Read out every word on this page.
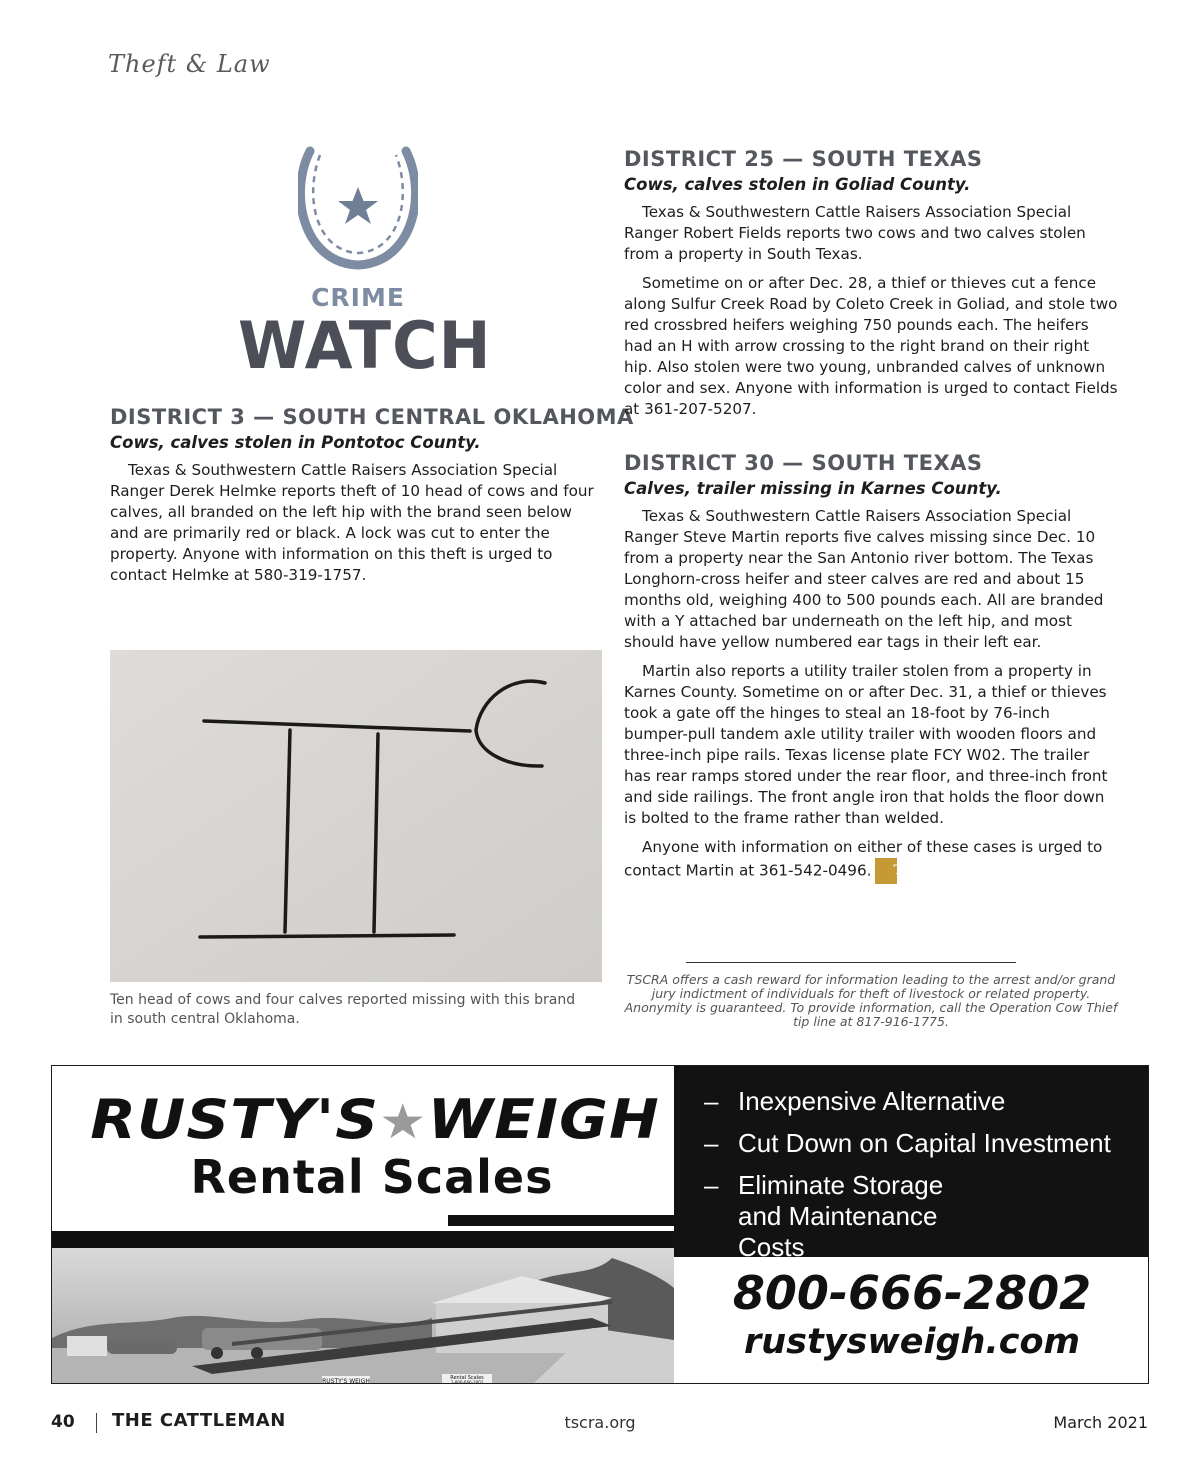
Theft & Law
CRIME
WATCH
DISTRICT 3 — SOUTH CENTRAL OKLAHOMA
Cows, calves stolen in Pontotoc County.

Texas & Southwestern Cattle Raisers Association Special Ranger Derek Helmke reports theft of 10 head of cows and four calves, all branded on the left hip with the brand seen below and are primarily red or black. A lock was cut to enter the property. Anyone with information on this theft is urged to contact Helmke at 580-319-1757.

Ten head of cows and four calves reported missing with this brand in south central Oklahoma.
DISTRICT 25 — SOUTH TEXAS
Cows, calves stolen in Goliad County.

Texas & Southwestern Cattle Raisers Association Special Ranger Robert Fields reports two cows and two calves stolen from a property in South Texas.

Sometime on or after Dec. 28, a thief or thieves cut a fence along Sulfur Creek Road by Coleto Creek in Goliad, and stole two red crossbred heifers weighing 750 pounds each. The heifers had an H with arrow crossing to the right brand on their right hip. Also stolen were two young, unbranded calves of unknown color and sex. Anyone with information is urged to contact Fields at 361-207-5207.

DISTRICT 30 — SOUTH TEXAS
Calves, trailer missing in Karnes County.

Texas & Southwestern Cattle Raisers Association Special Ranger Steve Martin reports five calves missing since Dec. 10 from a property near the San Antonio river bottom. The Texas Longhorn-cross heifer and steer calves are red and about 15 months old, weighing 400 to 500 pounds each. All are branded with a Y attached bar underneath on the left hip, and most should have yellow numbered ear tags in their left ear.

Martin also reports a utility trailer stolen from a property in Karnes County. Sometime on or after Dec. 31, a thief or thieves took a gate off the hinges to steal an 18-foot by 76-inch bumper-pull tandem axle utility trailer with wooden floors and three-inch pipe rails. Texas license plate FCY W02. The trailer has rear ramps stored under the rear floor, and three-inch front and side railings. The front angle iron that holds the floor down is bolted to the frame rather than welded.

Anyone with information on either of these cases is urged to contact Martin at 361-542-0496. TC

TSCRA offers a cash reward for information leading to the arrest and/or grand jury indictment of individuals for theft of livestock or related property. Anonymity is guaranteed. To provide information, call the Operation Cow Thief tip line at 817-916-1775.
RUSTY'S★WEIGH
Rental Scales
RUSTY'S WEIGH	Rental Scales
1-800-666-2802
– Inexpensive Alternative
– Cut Down on Capital Investment
– Eliminate Storage and Maintenance Costs
800-666-2802
rustysweigh.com
40 THE CATTLEMAN	tscra.org	March 2021
